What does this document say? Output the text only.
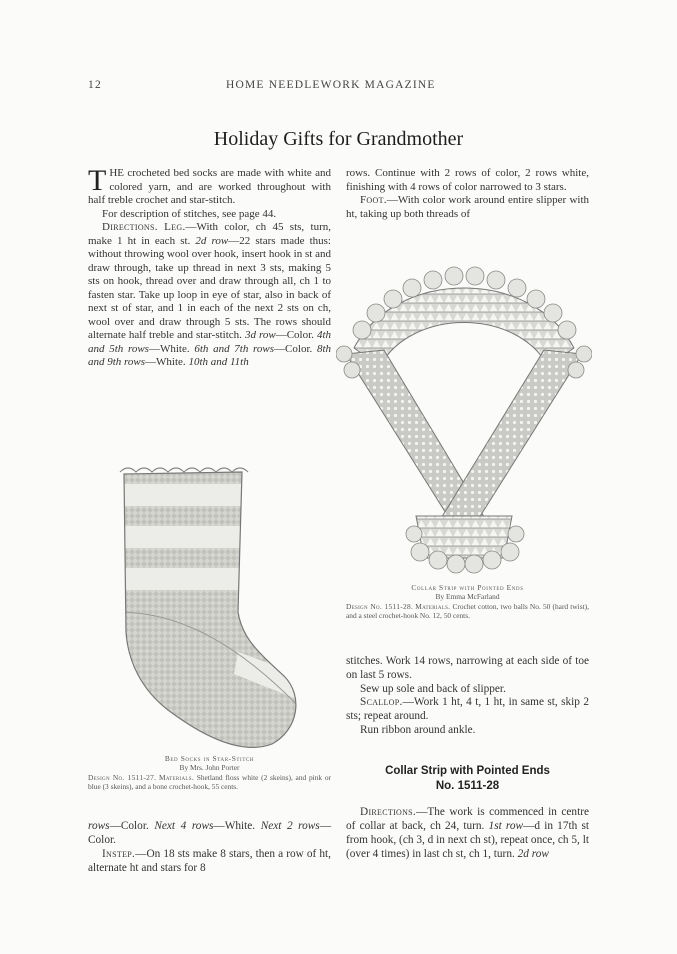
12	HOME NEEDLEWORK MAGAZINE
Holiday Gifts for Grandmother

THE crocheted bed socks are made with white and colored yarn, and are worked throughout with half treble crochet and star-stitch.

For description of stitches, see page 44.

Directions. Leg.—With color, ch 45 sts, turn, make 1 ht in each st. 2d row—22 stars made thus: without throwing wool over hook, insert hook in st and draw through, take up thread in next 3 sts, making 5 sts on hook, thread over and draw through all, ch 1 to fasten star. Take up loop in eye of star, also in back of next st of star, and 1 in each of the next 2 sts on ch, wool over and draw through 5 sts. The rows should alternate half treble and star-stitch. 3d row—Color. 4th and 5th rows—White. 6th and 7th rows—Color. 8th and 9th rows—White. 10th and 11th

rows. Continue with 2 rows of color, 2 rows white, finishing with 4 rows of color narrowed to 3 stars.

Foot.—With color work around entire slipper with ht, taking up both threads of

Collar Strip with Pointed Ends
By Emma McFarland
Design No. 1511-28. Materials. Crochet cotton, two balls No. 50 (hard twist), and a steel crochet-hook No. 12, 50 cents.

stitches. Work 14 rows, narrowing at each side of toe on last 5 rows.

Sew up sole and back of slipper.

Scallop.—Work 1 ht, 4 t, 1 ht, in same st, skip 2 sts; repeat around.

Run ribbon around ankle.

Collar Strip with Pointed Ends
No. 1511-28

Directions.—The work is commenced in centre of collar at back, ch 24, turn. 1st row—d in 17th st from hook, (ch 3, d in next ch st), repeat once, ch 5, lt (over 4 times) in last ch st, ch 1, turn. 2d row

Bed Socks in Star-Stitch
By Mrs. John Porter
Design No. 1511-27. Materials. Shetland floss white (2 skeins), and pink or blue (3 skeins), and a bone crochet-hook, 55 cents.

rows—Color. Next 4 rows—White. Next 2 rows—Color.

Instep.—On 18 sts make 8 stars, then a row of ht, alternate ht and stars for 8
